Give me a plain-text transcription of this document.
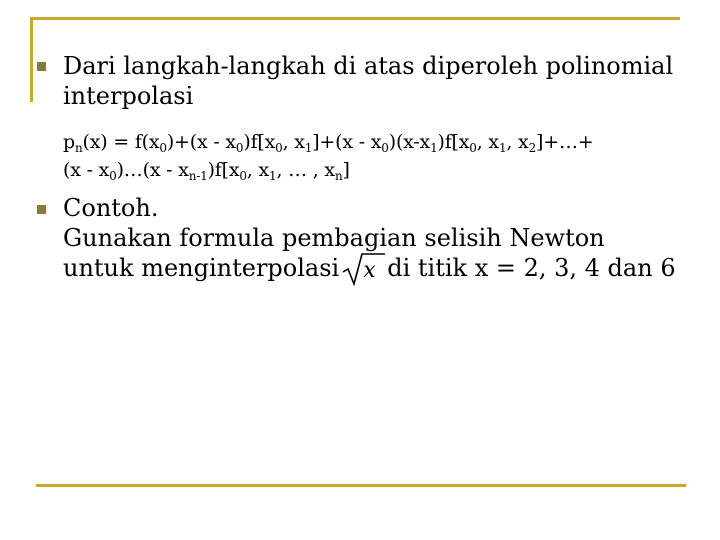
Dari langkah-langkah di atas diperoleh polinomial
interpolasi
$p_n(x) = f(x_0)+(x - x_0)f[x_0$, $x_1]+(x - x_0)(x-x_1)f[x_0$, $x_1$, $x_2]+\dots+$
$(x - x_0)\dots(x - x_{n-1})f[x_0$, $x_1$, … , $x_n$]
Contoh.
Gunakan formula pembagian selisih Newton
untuk menginterpolasi x di titik x = 2, 3, 4 dan 6
